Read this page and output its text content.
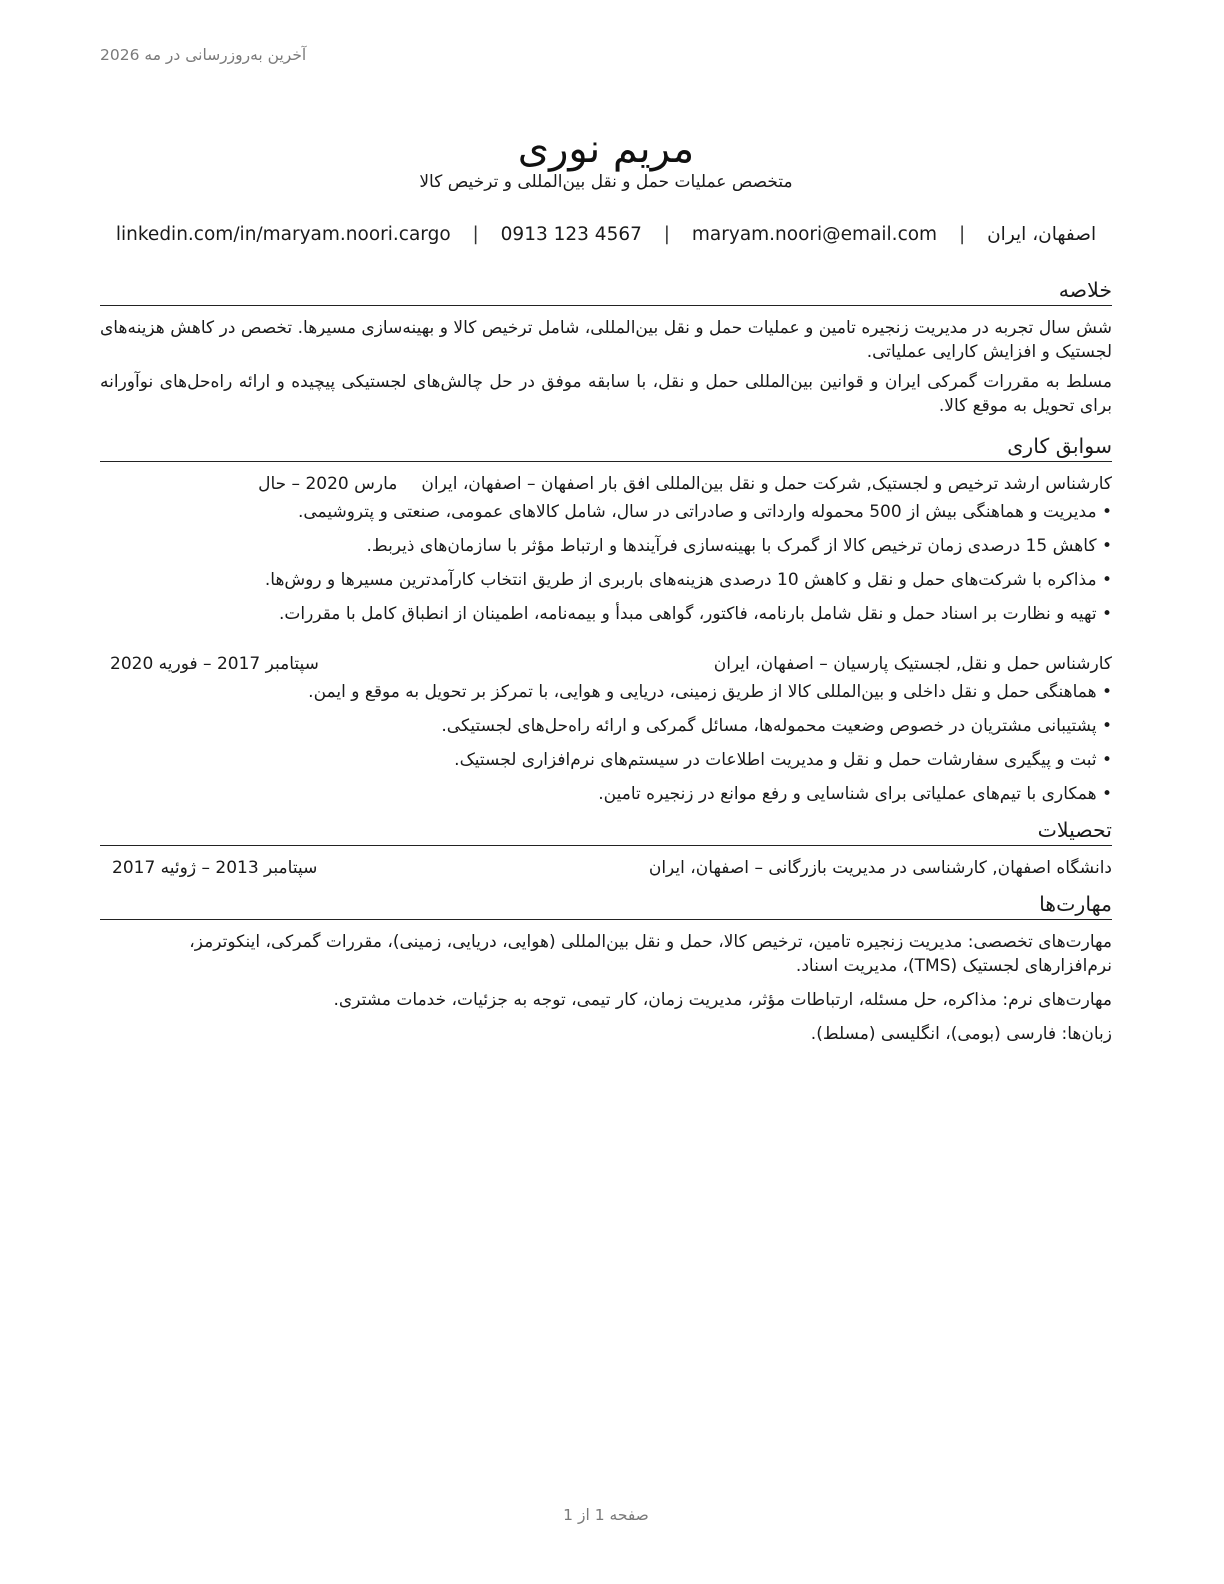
آخرین به‌روزرسانی در مه 2026
مریم نوری
متخصص عملیات حمل و نقل بین‌المللی و ترخیص کالا
اصفهان، ایران | maryam.noori@email.com | 0913 123 4567 | linkedin.com/in/maryam.noori.cargo
خلاصه

شش سال تجربه در مدیریت زنجیره تامین و عملیات حمل و نقل بین‌المللی، شامل ترخیص کالا و بهینه‌سازی مسیرها. تخصص در کاهش هزینه‌های لجستیک و افزایش کارایی عملیاتی.

مسلط به مقررات گمرکی ایران و قوانین بین‌المللی حمل و نقل، با سابقه موفق در حل چالش‌های لجستیکی پیچیده و ارائه راه‌حل‌های نوآورانه برای تحویل به موقع کالا.

سوابق کاری
کارشناس ارشد ترخیص و لجستیک, شرکت حمل و نقل بین‌المللی افق بار اصفهان – اصفهان، ایران
مارس 2020 – حال
• مدیریت و هماهنگی بیش از 500 محموله وارداتی و صادراتی در سال، شامل کالاهای عمومی، صنعتی و پتروشیمی.
• کاهش 15 درصدی زمان ترخیص کالا از گمرک با بهینه‌سازی فرآیندها و ارتباط مؤثر با سازمان‌های ذیربط.
• مذاکره با شرکت‌های حمل و نقل و کاهش 10 درصدی هزینه‌های باربری از طریق انتخاب کارآمدترین مسیرها و روش‌ها.
• تهیه و نظارت بر اسناد حمل و نقل شامل بارنامه، فاکتور، گواهی مبدأ و بیمه‌نامه، اطمینان از انطباق کامل با مقررات.
کارشناس حمل و نقل, لجستیک پارسیان – اصفهان، ایران
سپتامبر 2017 – فوریه 2020
• هماهنگی حمل و نقل داخلی و بین‌المللی کالا از طریق زمینی، دریایی و هوایی، با تمرکز بر تحویل به موقع و ایمن.
• پشتیبانی مشتریان در خصوص وضعیت محموله‌ها، مسائل گمرکی و ارائه راه‌حل‌های لجستیکی.
• ثبت و پیگیری سفارشات حمل و نقل و مدیریت اطلاعات در سیستم‌های نرم‌افزاری لجستیک.
• همکاری با تیم‌های عملیاتی برای شناسایی و رفع موانع در زنجیره تامین.
تحصیلات
دانشگاه اصفهان, کارشناسی در مدیریت بازرگانی – اصفهان، ایران
سپتامبر 2013 – ژوئیه 2017
مهارت‌ها

مهارت‌های تخصصی: مدیریت زنجیره تامین، ترخیص کالا، حمل و نقل بین‌المللی (هوایی، دریایی، زمینی)، مقررات گمرکی، اینکوترمز، نرم‌افزارهای لجستیک (TMS)، مدیریت اسناد.

مهارت‌های نرم: مذاکره، حل مسئله، ارتباطات مؤثر، مدیریت زمان، کار تیمی، توجه به جزئیات، خدمات مشتری.

زبان‌ها: فارسی (بومی)، انگلیسی (مسلط).

صفحه 1 از 1
